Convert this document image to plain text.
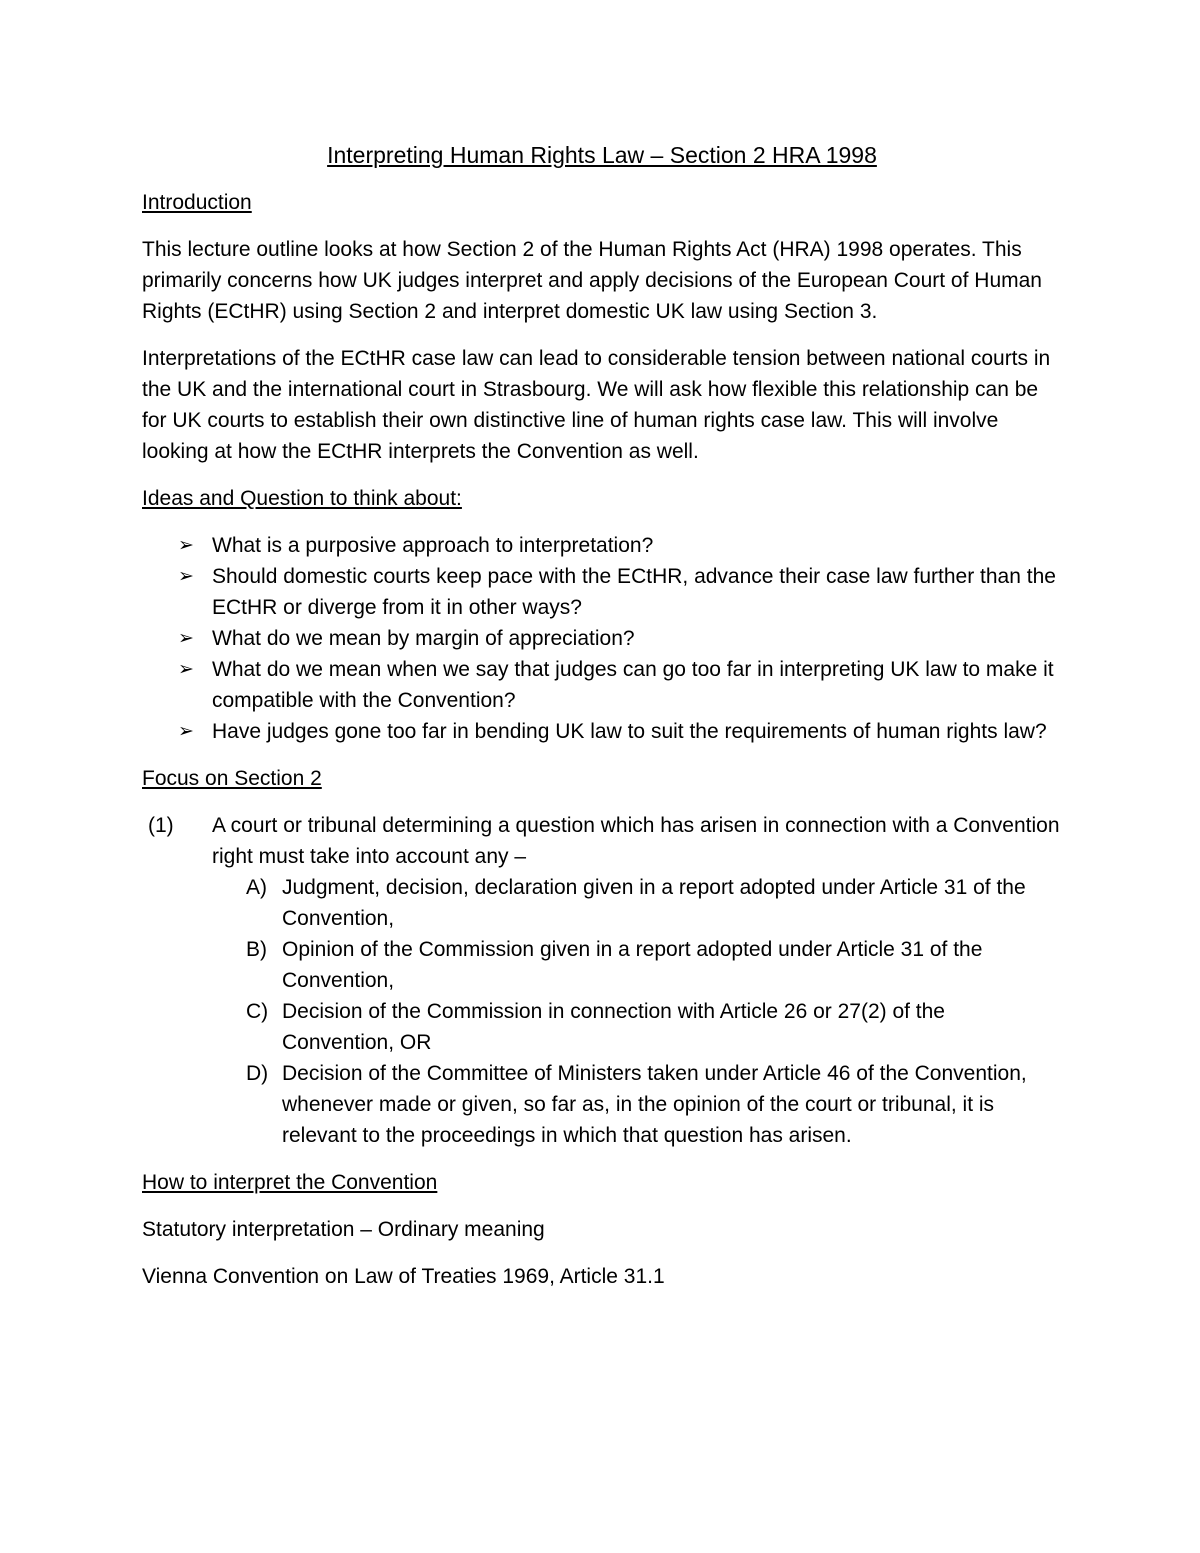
Interpreting Human Rights Law – Section 2 HRA 1998
Introduction

This lecture outline looks at how Section 2 of the Human Rights Act (HRA) 1998 operates. This primarily concerns how UK judges interpret and apply decisions of the European Court of Human Rights (ECtHR) using Section 2 and interpret domestic UK law using Section 3.

Interpretations of the ECtHR case law can lead to considerable tension between national courts in the UK and the international court in Strasbourg. We will ask how flexible this relationship can be for UK courts to establish their own distinctive line of human rights case law. This will involve looking at how the ECtHR interprets the Convention as well.

Ideas and Question to think about:
➢ What is a purposive approach to interpretation?
➢ Should domestic courts keep pace with the ECtHR, advance their case law further than the ECtHR or diverge from it in other ways?
➢ What do we mean by margin of appreciation?
➢ What do we mean when we say that judges can go too far in interpreting UK law to make it compatible with the Convention?
➢ Have judges gone too far in bending UK law to suit the requirements of human rights law?
Focus on Section 2
(1) A court or tribunal determining a question which has arisen in connection with a Convention right must take into account any –
A) Judgment, decision, declaration given in a report adopted under Article 31 of the Convention,
B) Opinion of the Commission given in a report adopted under Article 31 of the Convention,
C) Decision of the Commission in connection with Article 26 or 27(2) of the Convention, OR
D) Decision of the Committee of Ministers taken under Article 46 of the Convention, whenever made or given, so far as, in the opinion of the court or tribunal, it is relevant to the proceedings in which that question has arisen.
How to interpret the Convention

Statutory interpretation – Ordinary meaning

Vienna Convention on Law of Treaties 1969, Article 31.1
